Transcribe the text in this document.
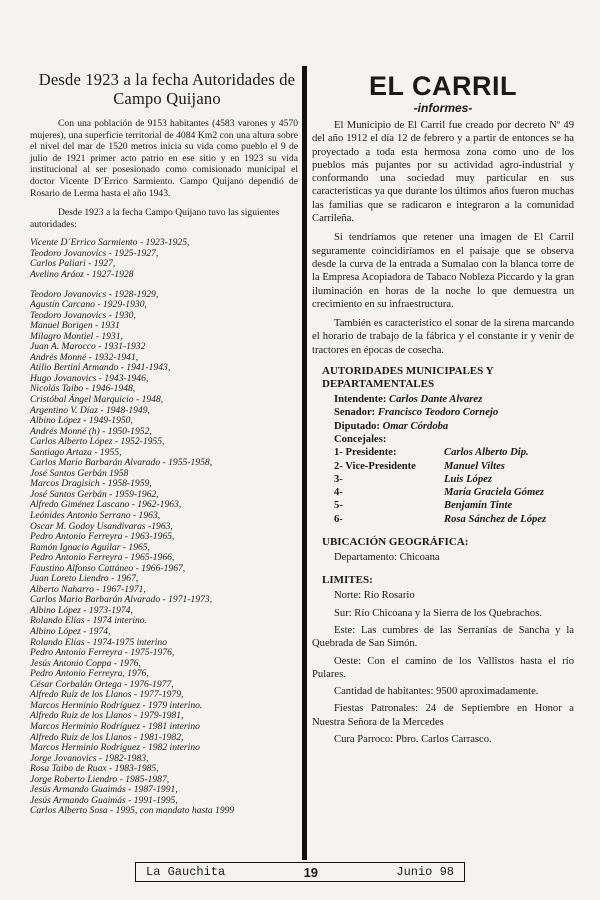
Desde 1923 a la fecha Autoridades de Campo Quijano

Con una población de 9153 habitantes (4583 varones y 4570 mujeres), una superficie territorial de 4084 Km2 con una altura sobre el nivel del mar de 1520 metros inicia su vida como pueblo el 9 de julio de 1921 primer acto patrio en ese sitio y en 1923 su vida institucional al ser posesionado como comisionado municipal el doctor Vicente D´Errico Sarmiento. Campo Quijano dependió de Rosario de Lerma hasta el año 1943.

Desde 1923 a la fecha Campo Quijano tuvo las siguientes autoridades:

Vicente D´Errico Sarmiento - 1923-1925,
Teodoro Jovanovics - 1925-1927,
Carlos Paliari - 1927,
Avelino Aráoz - 1927-1928
Teodoro Jovanovics - 1928-1929,
Agustín Carcano - 1929-1930,
Teodoro Jovanovics - 1930,
Manuel Borigen - 1931
Milagro Montiel - 1931,
Juan A. Marocco - 1931-1932
Andrés Monné - 1932-1941,
Atilio Bertini Armando - 1941-1943,
Hugo Jovanovics - 1943-1946,
Nicolás Taibo - 1946-1948,
Cristóbal Ángel Marquicio - 1948,
Argentino V. Díaz - 1948-1949,
Albino López - 1949-1950,
Andrés Monné (h) - 1950-1952,
Carlos Alberto López - 1952-1955,
Santiago Artaza - 1955,
Carlos Mario Barbarán Alvarado - 1955-1958,
José Santos Gerbán 1958
Marcos Dragisich - 1958-1959,
José Santos Gerbán - 1959-1962,
Alfredo Giménez Lascano - 1962-1963,
Leónides Antonio Serrano - 1963,
Oscar M. Godoy Usandivaras -1963,
Pedro Antonio Ferreyra - 1963-1965,
Ramón Ignacio Aguilar - 1965,
Pedro Antonio Ferreyra - 1965-1966,
Faustino Alfonso Cattáneo - 1966-1967,
Juan Loreto Liendro - 1967,
Alberto Naharro - 1967-1971,
Carlos Mario Barbarán Alvarado - 1971-1973,
Albino López - 1973-1974,
Rolando Elías - 1974 interino.
Albino López - 1974,
Rolando Elías - 1974-1975 interino
Pedro Antonio Ferreyra - 1975-1976,
Jesús Antonio Coppa - 1976,
Pedro Antonio Ferreyra, 1976,
César Corbalán Ortega - 1976-1977,
Alfredo Ruiz de los Llanos - 1977-1979,
Marcos Herminio Rodríguez - 1979 interino.
Alfredo Ruiz de los Llanos - 1979-1981,
Marcos Herminio Rodríguez - 1981 interino
Alfredo Ruiz de los Llanos - 1981-1982,
Marcos Herminio Rodríguez - 1982 interino
Jorge Jovanovics - 1982-1983,
Rosa Taibo de Ruax - 1983-1985,
Jorge Roberto Liendro - 1985-1987,
Jesús Armando Guaimás - 1987-1991,
Jesús Armando Guaimás - 1991-1995,
Carlos Alberto Sosa - 1995, con mandato hasta 1999
EL CARRIL
-informes-

El Municipio de El Carril fue creado por decreto Nº 49 del año 1912 el día 12 de febrero y a partir de entonces se ha proyectado a toda esta hermosa zona como uno de los pueblos más pujantes por su actividad agro-industrial y conformando una sociedad muy particular en sus características ya que durante los últimos años fueron muchas las familias que se radicaron e integraron a la comunidad Carrileña.

Si tendríamos que retener una imagen de El Carril seguramente coincidiríamos en el paisaje que se observa desde la curva de la entrada a Sumalao con la blanca torre de la Empresa Acopiadora de Tabaco Nobleza Piccardo y la gran iluminación en horas de la noche lo que demuestra un crecimiento en su infraestructura.

También es característico el sonar de la sirena marcando el horario de trabajo de la fábrica y el constante ir y venir de tractores en épocas de cosecha.

AUTORIDADES MUNICIPALES Y DEPARTAMENTALES
Intendente: Carlos Dante Alvarez
Senador: Francisco Teodoro Cornejo
Diputado: Omar Córdoba
Concejales:
1- Presidente:	Carlos Alberto Dip.
2- Vice-Presidente	Manuel Viltes
3-	Luis López
4-	María Graciela Gómez
5-	Benjamín Tinte
6-	Rosa Sánchez de López
UBICACIÓN GEOGRÁFICA:

Departamento: Chicoana

LIMITES:

Norte: Río Rosario

Sur: Río Chicoana y la Sierra de los Quebrachos.

Este: Las cumbres de las Serranías de Sancha y la Quebrada de San Simón.

Oeste: Con el camino de los Vallistos hasta el río Pulares.

Cantidad de habitantes: 9500 aproximadamente.

Fiestas Patronales: 24 de Septiembre en Honor a Nuestra Señora de la Mercedes

Cura Parroco: Pbro. Carlos Carrasco.

La Gauchita	19	Junio 98
